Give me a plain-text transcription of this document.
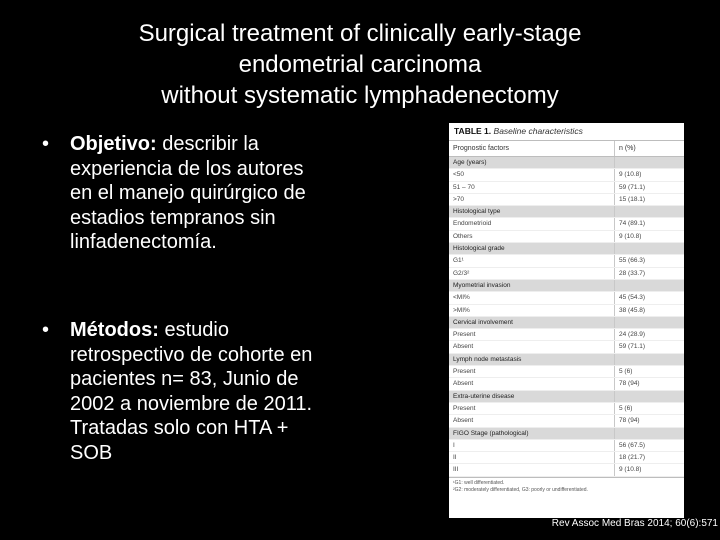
Surgical treatment of clinically early-stage
endometrial carcinoma
without systematic lymphadenectomy
• Objetivo: describir la
experiencia de los autores
en el manejo quirúrgico de
estadios tempranos sin
linfadenectomía.
• Métodos: estudio
retrospectivo de cohorte en
pacientes n= 83, Junio de
2002 a noviembre de 2011.
Tratadas solo con HTA +
SOB
TABLE 1. Baseline characteristics
Prognostic factors	n (%)
Age (years)
<50	9 (10.8)
51 – 70	59 (71.1)
>70	15 (18.1)
Histological type
Endometrioid	74 (89.1)
Others	9 (10.8)
Histological grade
G1¹	55 (66.3)
G2/3²	28 (33.7)
Myometrial invasion
<MI%	45 (54.3)
>MI%	38 (45.8)
Cervical involvement
Present	24 (28.9)
Absent	59 (71.1)
Lymph node metastasis
Present	5 (6)
Absent	78 (94)
Extra-uterine disease
Present	5 (6)
Absent	78 (94)
FIGO Stage (pathological)
I	56 (67.5)
II	18 (21.7)
III	9 (10.8)
¹G1: well differentiated.
²G2: moderately differentiated, G3: poorly or undifferentiated.
Rev Assoc Med Bras 2014; 60(6):571
